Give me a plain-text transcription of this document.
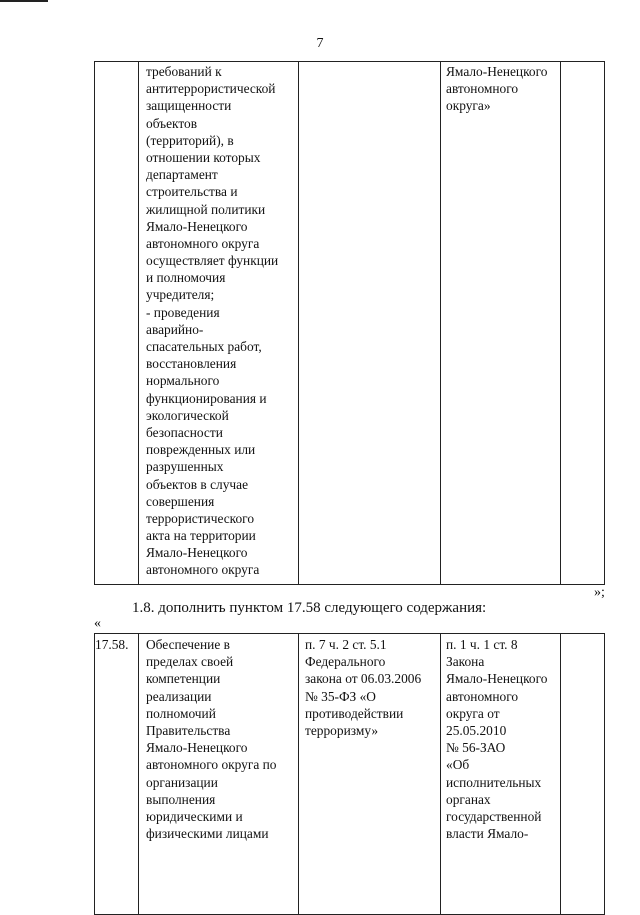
7
требований к
антитеррористической
защищенности
объектов
(территорий), в
отношении которых
департамент
строительства и
жилищной политики
Ямало-Ненецкого
автономного округа
осуществляет функции
и полномочия
учредителя;
- проведения
аварийно-
спасательных работ,
восстановления
нормального
функционирования и
экологической
безопасности
поврежденных или
разрушенных
объектов в случае
совершения
террористического
акта на территории
Ямало-Ненецкого
автономного округа
Ямало-Ненецкого
автономного
округа»
»;
1.8. дополнить пунктом 17.58 следующего содержания:
«
17.58. Обеспечение в
пределах своей
компетенции
реализации
полномочий
Правительства
Ямало-Ненецкого
автономного округа по
организации
выполнения
юридическими и
физическими лицами
п. 7 ч. 2 ст. 5.1
Федерального
закона от 06.03.2006
№ 35-ФЗ «О
противодействии
терроризму»
п. 1 ч. 1 ст. 8
Закона
Ямало-Ненецкого
автономного
округа от
25.05.2010
№ 56-ЗАО
«Об
исполнительных
органах
государственной
власти Ямало-
